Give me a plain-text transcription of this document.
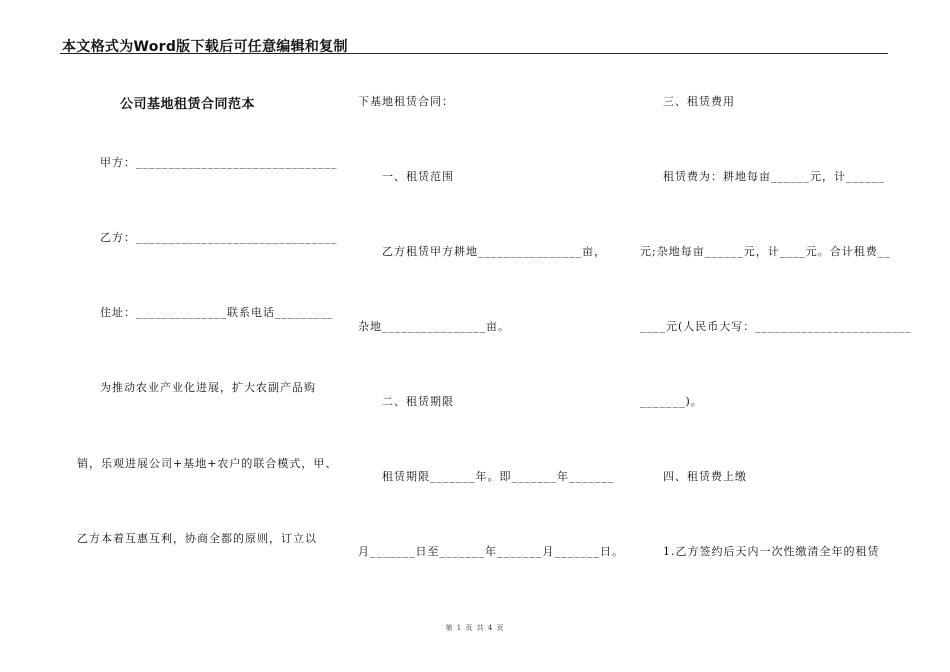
本文格式为Word版下载后可任意编辑和复制
公司基地租赁合同范本
甲方：_______________________________
乙方：_______________________________
住址：______________联系电话_________
为推动农业产业化进展，扩大农副产品购
销，乐观进展公司+基地+农户的联合模式，甲、
乙方本着互惠互利，协商全都的原则，订立以
下基地租赁合同：
一、租赁范围
乙方租赁甲方耕地________________亩，
杂地________________亩。
二、租赁期限
租赁期限_______年。即_______年_______
月_______日至_______年_______月_______日。
三、租赁费用
租赁费为：耕地每亩______元，计______
元;杂地每亩______元，计____元。合计租费__
____元(人民币大写：________________________
_______)。
四、租赁费上缴
1.乙方签约后天内一次性缴清全年的租赁
第 1 页 共 4 页
